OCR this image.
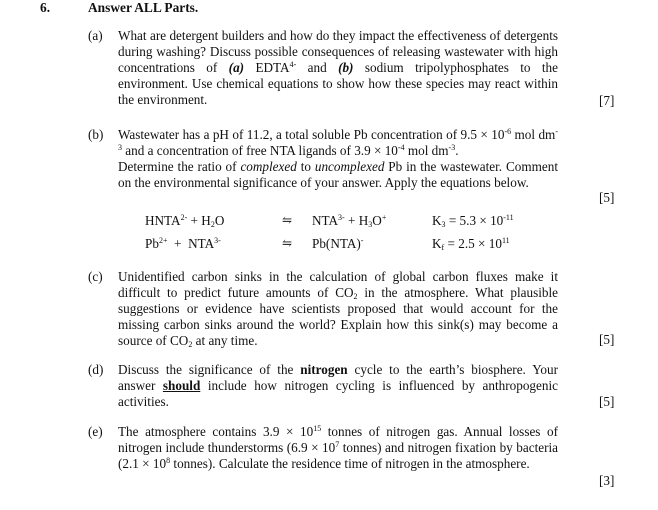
6.	Answer ALL Parts.
(a) What are detergent builders and how do they impact the effectiveness of detergents during washing? Discuss possible consequences of releasing wastewater with high concentrations of (a) $EDTA^{4-}$ and (b) sodium tripolyphosphates to the environment. Use chemical equations to show how these species may react within the environment.	[7]
(b) Wastewater has a pH of 11.2, a total soluble Pb concentration of $9.5 \times 10^{-6}$ mol $dm^{-3}$ and a concentration of free NTA ligands of $3.9 \times 10^{-4}$ mol $dm^{-3}$.
Determine the ratio of complexed to uncomplexed Pb in the wastewater. Comment on the environmental significance of your answer. Apply the equations below.
[5]
$HNTA^{2-} + H_2O$	⇋ $NTA^{3-} + H_3O^+$	$K_3 = 5.3 \times 10^{-11}$
$Pb^{2+} + NTA^{3-}$	⇋ Pb(NTA)-	$K_f = 2.5 \times 10^{11}$
(c) Unidentified carbon sinks in the calculation of global carbon fluxes make it difficult to predict future amounts of $CO_2$ in the atmosphere. What plausible suggestions or evidence have scientists proposed that would account for the missing carbon sinks around the world? Explain how this sink(s) may become a source of $CO_2$ at any time.	[5]
(d) Discuss the significance of the nitrogen cycle to the earth’s biosphere. Your answer should include how nitrogen cycling is influenced by anthropogenic activities.	[5]
(e) The atmosphere contains $3.9 \times 10^{15}$ tonnes of nitrogen gas. Annual losses of nitrogen include thunderstorms ($6.9 \times 10^7$ tonnes) and nitrogen fixation by bacteria ($2.1 \times 10^8$ tonnes). Calculate the residence time of nitrogen in the atmosphere.
[3]
